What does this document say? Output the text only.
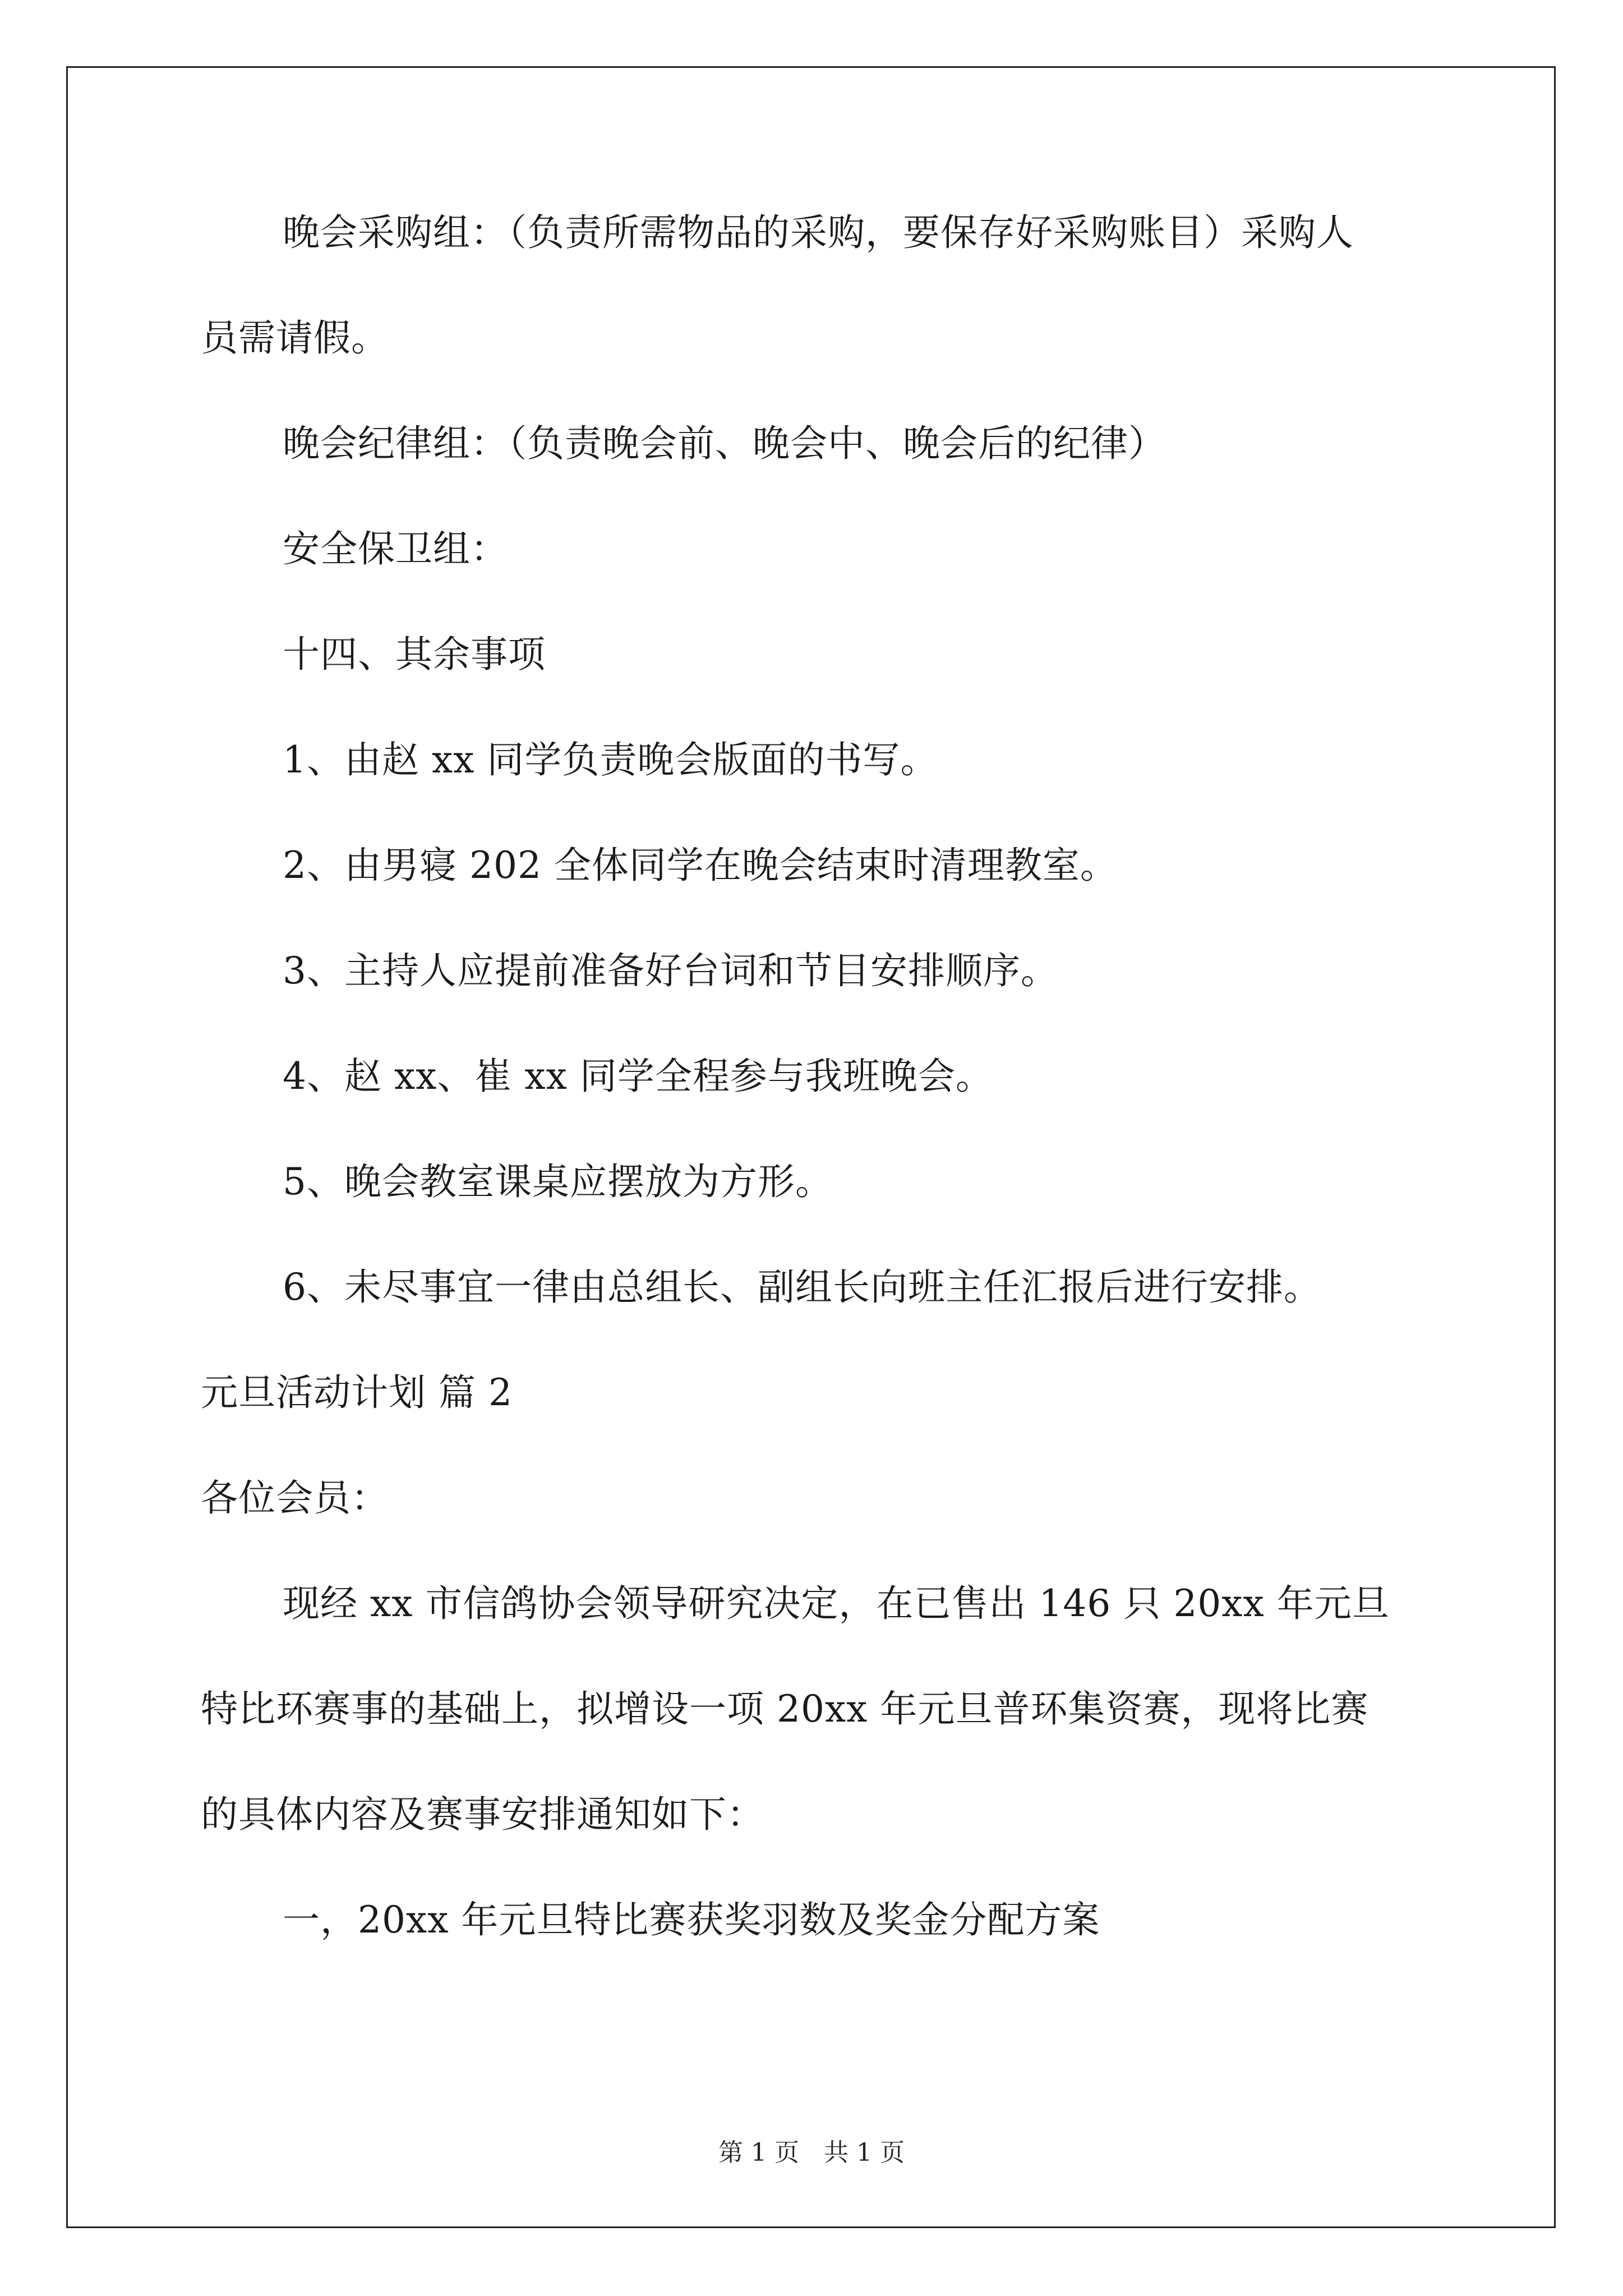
晚会采购组：（负责所需物品的采购，要保存好采购账目）采购人
员需请假。
晚会纪律组：（负责晚会前、晚会中、晚会后的纪律）
安全保卫组：
十四、其余事项
1、由赵 xx 同学负责晚会版面的书写。
2、由男寝 202 全体同学在晚会结束时清理教室。
3、主持人应提前准备好台词和节目安排顺序。
4、赵 xx、崔 xx 同学全程参与我班晚会。
5、晚会教室课桌应摆放为方形。
6、未尽事宜一律由总组长、副组长向班主任汇报后进行安排。
元旦活动计划 篇 2
各位会员：
现经 xx 市信鸽协会领导研究决定，在已售出 146 只 20xx 年元旦
特比环赛事的基础上，拟增设一项 20xx 年元旦普环集资赛，现将比赛
的具体内容及赛事安排通知如下：
一，20xx 年元旦特比赛获奖羽数及奖金分配方案
第 1 页　共 1 页
